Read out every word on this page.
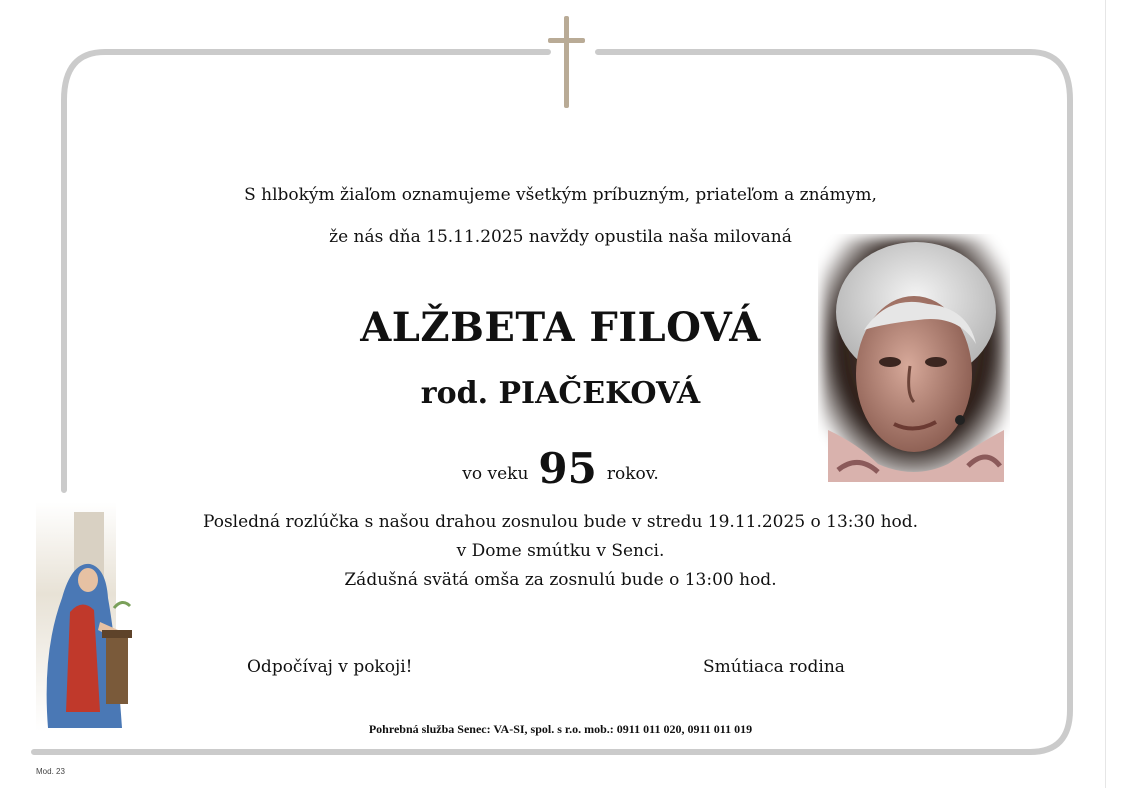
S hlbokým žiaľom oznamujeme všetkým príbuzným, priateľom a známym,
že nás dňa 15.11.2025 navždy opustila naša milovaná
ALŽBETA FILOVÁ
rod. PIAČEKOVÁ
vo veku 95 rokov.
Posledná rozlúčka s našou drahou zosnulou bude v stredu 19.11.2025 o 13:30 hod.
v Dome smútku v Senci.
Zádušná svätá omša za zosnulú bude o 13:00 hod.
Odpočívaj v pokoji!	Smútiaca rodina
Pohrebná služba Senec: VA-SI, spol. s r.o. mob.: 0911 011 020, 0911 011 019
Mod. 23
